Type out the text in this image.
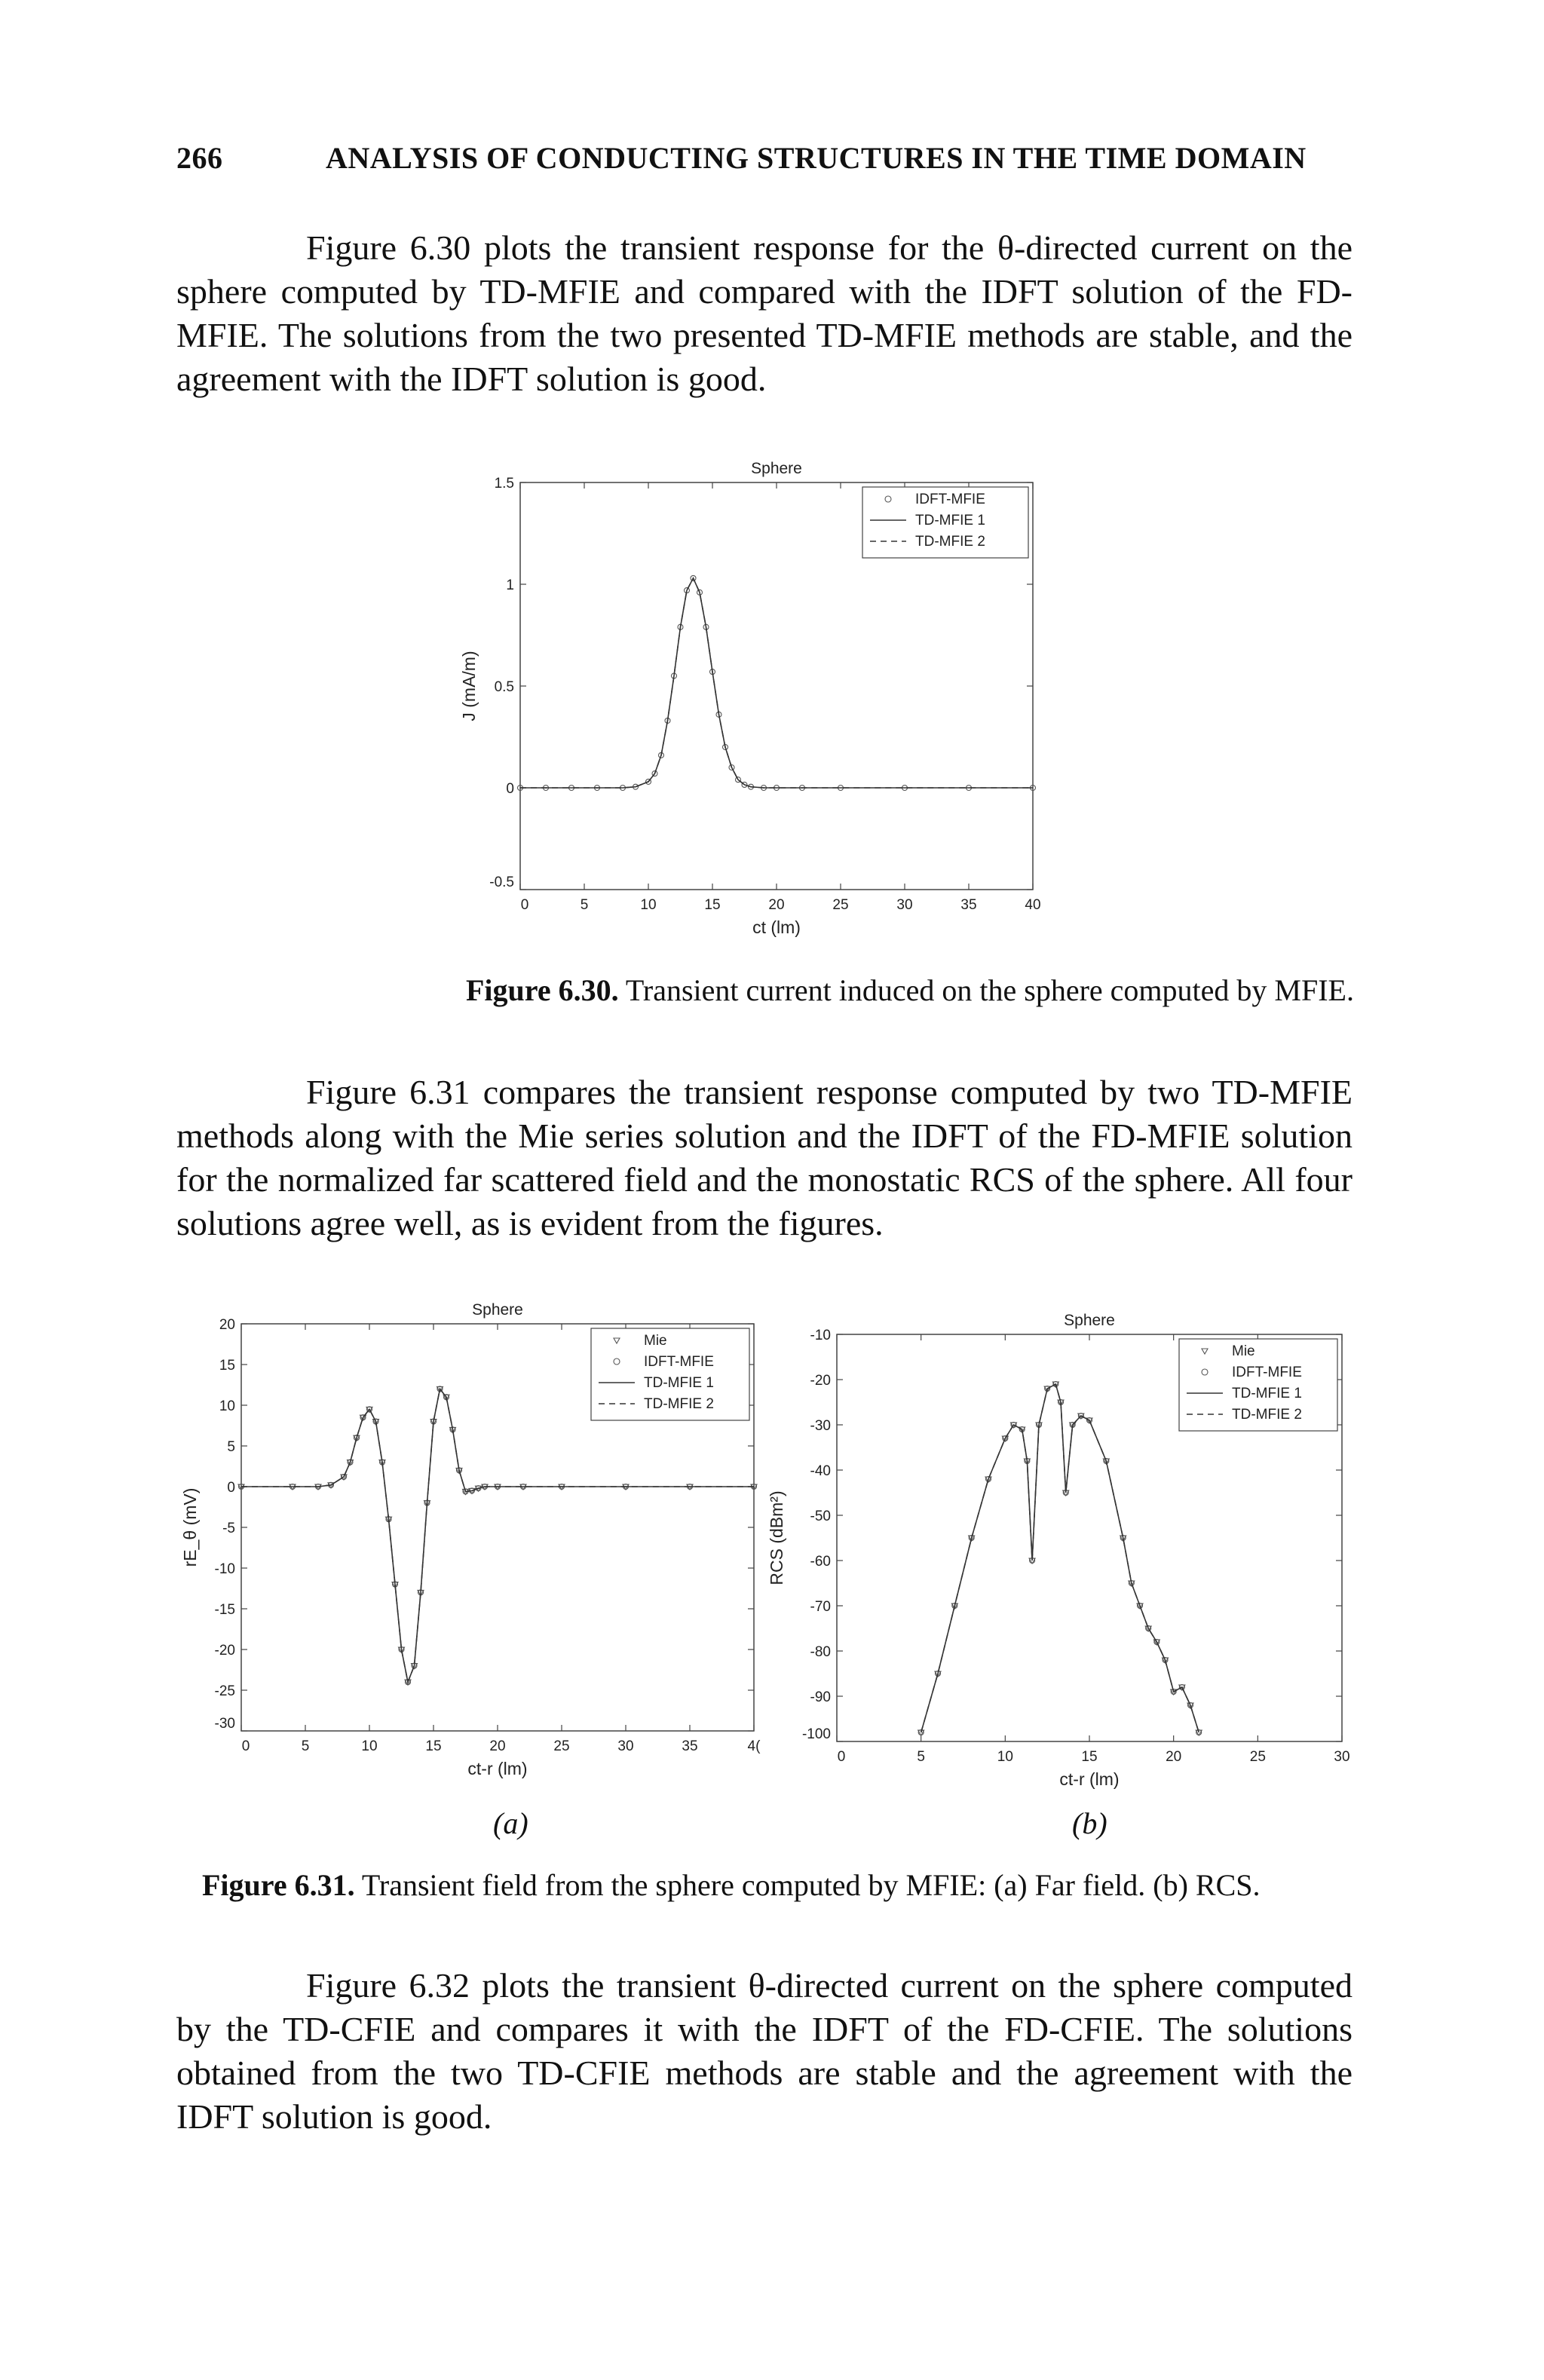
266	ANALYSIS OF CONDUCTING STRUCTURES IN THE TIME DOMAIN

Figure 6.30 plots the transient response for the θ-directed current on the sphere computed by TD-MFIE and compared with the IDFT solution of the FD-MFIE. The solutions from the two presented TD-MFIE methods are stable, and the agreement with the IDFT solution is good.

0	5	10	15	20	25	30	35	40
-0.5
0
0.5
1
1.5
Sphere
ct (lm)
J (mA/m)
IDFT-MFIE
TD-MFIE 1
TD-MFIE 2
Figure 6.30. Transient current induced on the sphere computed by MFIE.

Figure 6.31 compares the transient response computed by two TD-MFIE methods along with the Mie series solution and the IDFT of the FD-MFIE solution for the normalized far scattered field and the monostatic RCS of the sphere. All four solutions agree well, as is evident from the figures.

0	5	10	15	20	25	30	35	4(
-30
-25
-20
-15
-10
-5
0
5
10
15
20
Sphere
ct-r (lm)
rE_θ (mV)
Mie
IDFT-MFIE
TD-MFIE 1
TD-MFIE 2
0	5	10	15	20	25	30
-100
-90
-80
-70
-60
-50
-40
-30
-20
-10
Sphere
ct-r (lm)
RCS (dBm²)
Mie
IDFT-MFIE
TD-MFIE 1
TD-MFIE 2
(a)	(b)
Figure 6.31. Transient field from the sphere computed by MFIE: (a) Far field. (b) RCS.

Figure 6.32 plots the transient θ-directed current on the sphere computed by the TD-CFIE and compares it with the IDFT of the FD-CFIE. The solutions obtained from the two TD-CFIE methods are stable and the agreement with the IDFT solution is good.
